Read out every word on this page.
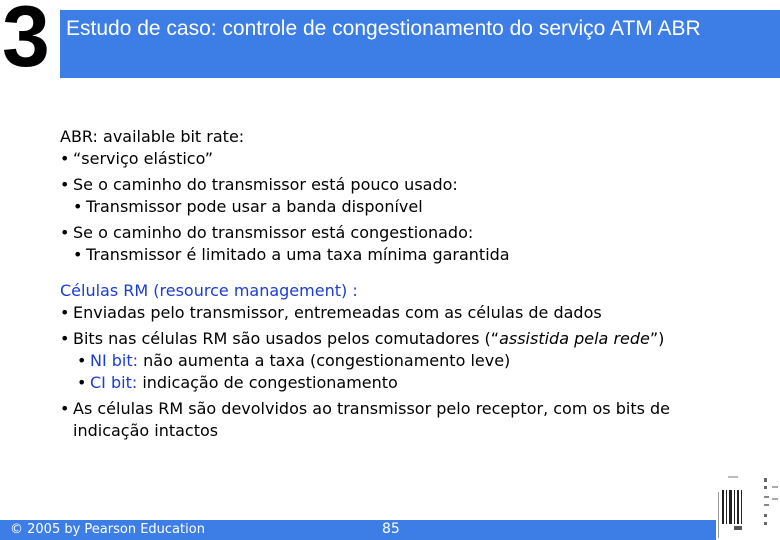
3 Estudo de caso: controle de congestionamento do serviço ATM ABR
ABR: available bit rate:
• “serviço elástico”
• Se o caminho do transmissor está pouco usado:
• Transmissor pode usar a banda disponível
• Se o caminho do transmissor está congestionado:
• Transmissor é limitado a uma taxa mínima garantida
Células RM (resource management) :
• Enviadas pelo transmissor, entremeadas com as células de dados
• Bits nas células RM são usados pelos comutadores (“assistida pela rede”)
• NI bit: não aumenta a taxa (congestionamento leve)
• CI bit: indicação de congestionamento
• As células RM são devolvidos ao transmissor pelo receptor, com os bits de
indicação intactos
© 2005 by Pearson Education	85
